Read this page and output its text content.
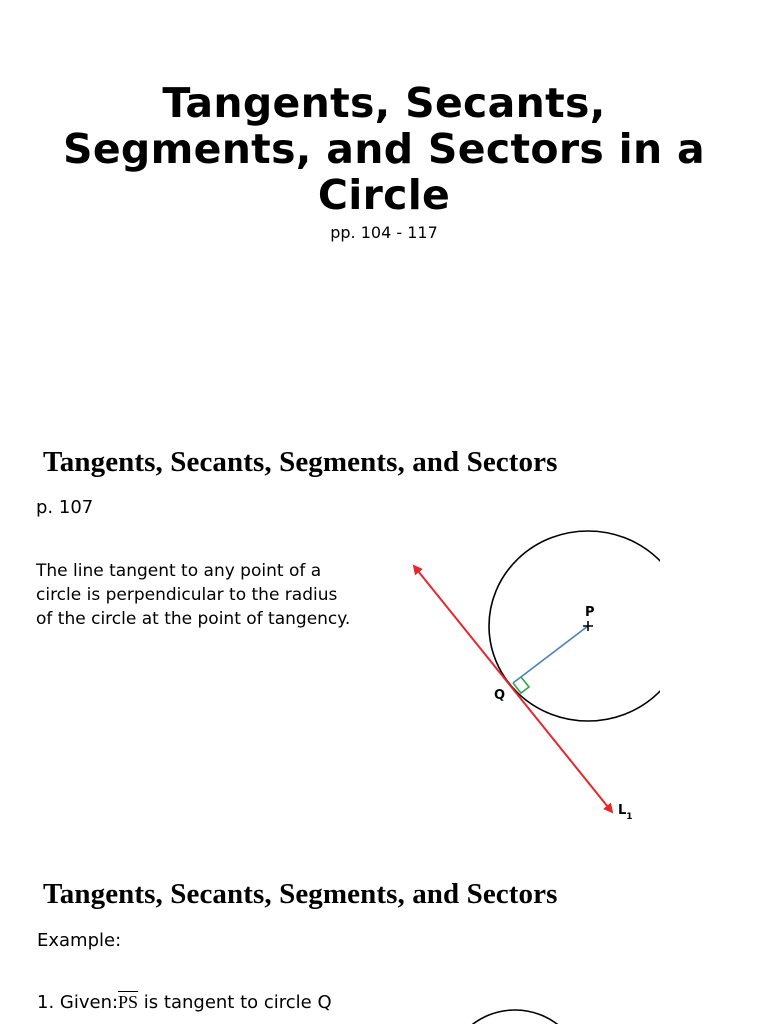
Tangents, Secants,
Segments, and Sectors in a
Circle
pp. 104 - 117
Tangents, Secants, Segments, and Sectors
p. 107
The line tangent to any point of a
circle is perpendicular to the radius
of the circle at the point of tangency.	P
Q
$L_1$
Tangents, Secants, Segments, and Sectors
Example:
1. $Given:\overline{PS}$ is tangent to circle Q
